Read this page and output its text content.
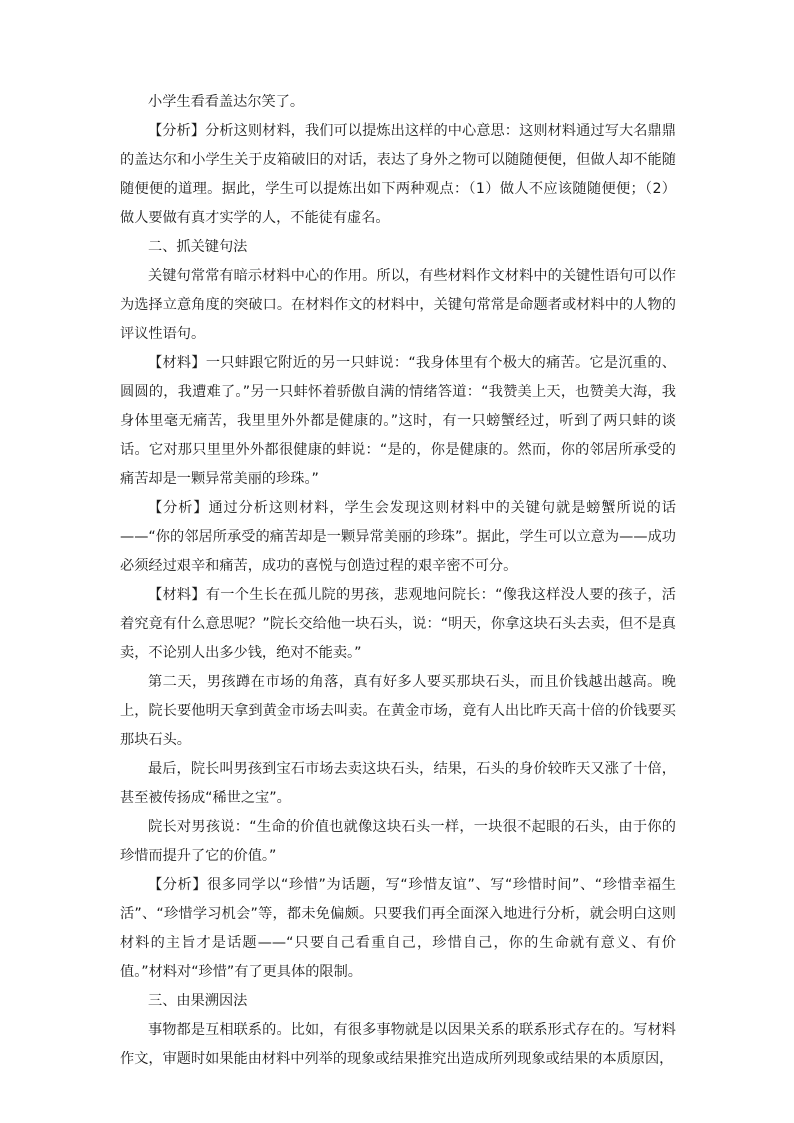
小学生看看盖达尔笑了。

【分析】分析这则材料，我们可以提炼出这样的中心意思：这则材料通过写大名鼎鼎的盖达尔和小学生关于皮箱破旧的对话，表达了身外之物可以随随便便，但做人却不能随随便便的道理。据此，学生可以提炼出如下两种观点：（1）做人不应该随随便便；（2）做人要做有真才实学的人，不能徒有虚名。

二、抓关键句法

关键句常常有暗示材料中心的作用。所以，有些材料作文材料中的关键性语句可以作为选择立意角度的突破口。在材料作文的材料中，关键句常常是命题者或材料中的人物的评议性语句。

【材料】一只蚌跟它附近的另一只蚌说：“我身体里有个极大的痛苦。它是沉重的、圆圆的，我遭难了。”另一只蚌怀着骄傲自满的情绪答道：“我赞美上天，也赞美大海，我身体里毫无痛苦，我里里外外都是健康的。”这时，有一只螃蟹经过，听到了两只蚌的谈话。它对那只里里外外都很健康的蚌说：“是的，你是健康的。然而，你的邻居所承受的痛苦却是一颗异常美丽的珍珠。”

【分析】通过分析这则材料，学生会发现这则材料中的关键句就是螃蟹所说的话——“你的邻居所承受的痛苦却是一颗异常美丽的珍珠”。据此，学生可以立意为——成功必须经过艰辛和痛苦，成功的喜悦与创造过程的艰辛密不可分。

【材料】有一个生长在孤儿院的男孩，悲观地问院长：“像我这样没人要的孩子，活着究竟有什么意思呢？”院长交给他一块石头，说：“明天，你拿这块石头去卖，但不是真卖，不论别人出多少钱，绝对不能卖。”

第二天，男孩蹲在市场的角落，真有好多人要买那块石头，而且价钱越出越高。晚上，院长要他明天拿到黄金市场去叫卖。在黄金市场，竟有人出比昨天高十倍的价钱要买那块石头。

最后，院长叫男孩到宝石市场去卖这块石头，结果，石头的身价较昨天又涨了十倍，甚至被传扬成“稀世之宝”。

院长对男孩说：“生命的价值也就像这块石头一样，一块很不起眼的石头，由于你的珍惜而提升了它的价值。”

【分析】很多同学以“珍惜”为话题，写“珍惜友谊”、写“珍惜时间”、“珍惜幸福生活”、“珍惜学习机会”等，都未免偏颇。只要我们再全面深入地进行分析，就会明白这则材料的主旨才是话题——“只要自己看重自己，珍惜自己，你的生命就有意义、有价值。”材料对“珍惜”有了更具体的限制。

三、由果溯因法

事物都是互相联系的。比如，有很多事物就是以因果关系的联系形式存在的。写材料作文，审题时如果能由材料中列举的现象或结果推究出造成所列现象或结果的本质原因，
